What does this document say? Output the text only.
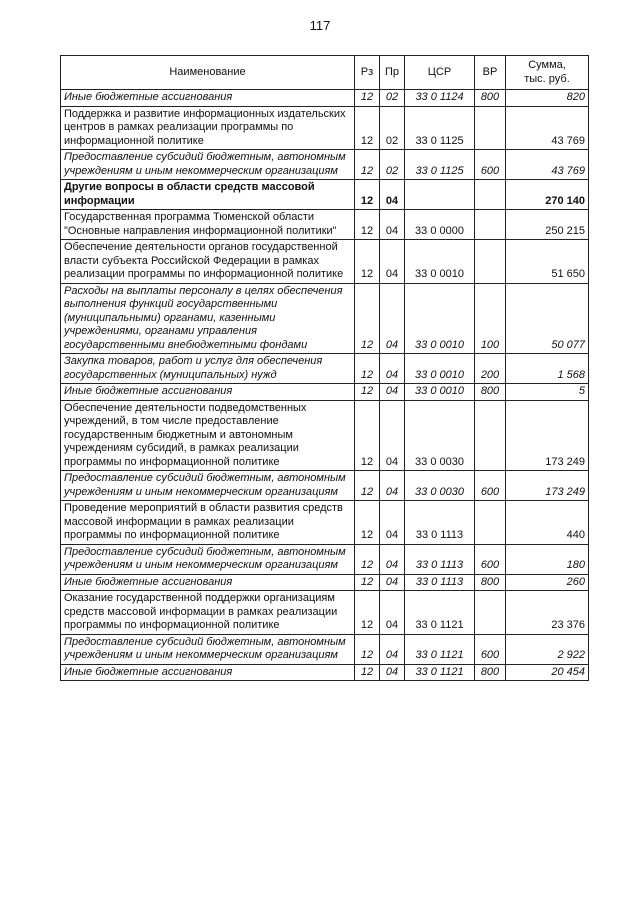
117
Наименование	Рз	Пр	ЦСР	ВР	Сумма,
тыс. руб.
Иные бюджетные ассигнования	12	02	33 0 1124	800	820
Поддержка и развитие информационных издательских центров в рамках реализации программы по информационной политике	12	02	33 0 1125		43 769
Предоставление субсидий бюджетным, автономным учреждениям и иным некоммерческим организациям	12	02	33 0 1125	600	43 769
Другие вопросы в области средств массовой информации	12	04			270 140
Государственная программа Тюменской области "Основные направления информационной политики"	12	04	33 0 0000		250 215
Обеспечение деятельности органов государственной власти субъекта Российской Федерации в рамках реализации программы по информационной политике	12	04	33 0 0010		51 650
Расходы на выплаты персоналу в целях обеспечения выполнения функций государственными (муниципальными) органами, казенными учреждениями, органами управления государственными внебюджетными фондами	12	04	33 0 0010	100	50 077
Закупка товаров, работ и услуг для обеспечения государственных (муниципальных) нужд	12	04	33 0 0010	200	1 568
Иные бюджетные ассигнования	12	04	33 0 0010	800	5
Обеспечение деятельности подведомственных учреждений, в том числе предоставление государственным бюджетным и автономным учреждениям субсидий, в рамках реализации программы по информационной политике	12	04	33 0 0030		173 249
Предоставление субсидий бюджетным, автономным учреждениям и иным некоммерческим организациям	12	04	33 0 0030	600	173 249
Проведение мероприятий в области развития средств массовой информации в рамках реализации программы по информационной политике	12	04	33 0 1113		440
Предоставление субсидий бюджетным, автономным учреждениям и иным некоммерческим организациям	12	04	33 0 1113	600	180
Иные бюджетные ассигнования	12	04	33 0 1113	800	260
Оказание государственной поддержки организациям средств массовой информации в рамках реализации программы по информационной политике	12	04	33 0 1121		23 376
Предоставление субсидий бюджетным, автономным учреждениям и иным некоммерческим организациям	12	04	33 0 1121	600	2 922
Иные бюджетные ассигнования	12	04	33 0 1121	800	20 454
